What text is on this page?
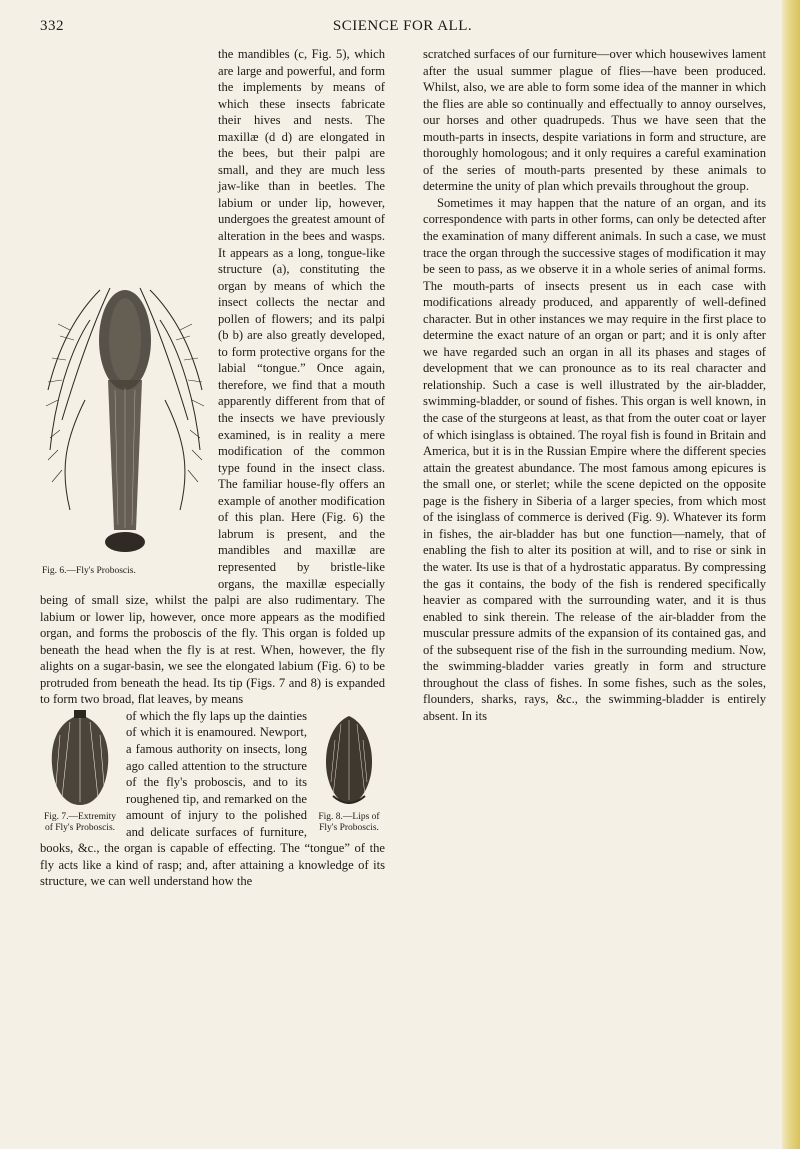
332	SCIENCE FOR ALL.
Fig. 6.—Fly's Proboscis.

the mandibles (c, Fig. 5), which are large and powerful, and form the implements by means of which these insects fabricate their hives and nests. The maxillæ (d d) are elongated in the bees, but their palpi are small, and they are much less jaw-like than in beetles. The labium or under lip, however, undergoes the greatest amount of alteration in the bees and wasps. It appears as a long, tongue-like structure (a), constituting the organ by means of which the insect collects the nectar and pollen of flowers; and its palpi (b b) are also greatly developed, to form protective organs for the labial “tongue.” Once again, therefore, we find that a mouth apparently different from that of the insects we have previously examined, is in reality a mere modification of the common type found in the insect class. The familiar house-fly offers an example of another modification of this plan. Here (Fig. 6) the labrum is present, and the mandibles and maxillæ are represented by bristle-like organs, the maxillæ especially being of small size, whilst the palpi are also rudimentary. The labium or lower lip, however, once more appears as the modified organ, and forms the proboscis of the fly. This organ is folded up beneath the head when the fly is at rest. When, however, the fly alights on a sugar-basin, we see the elongated labium (Fig. 6) to be protruded from beneath the head. Its tip (Figs. 7 and 8) is expanded to form two broad, flat leaves, by means

Fig. 7.—Extremity of Fly's Proboscis.
Fig. 8.—Lips of Fly's Proboscis.

of which the fly laps up the dainties of which it is enamoured. Newport, a famous authority on insects, long ago called attention to the structure of the fly's proboscis, and to its roughened tip, and remarked on the amount of injury to the polished and delicate surfaces of furniture, books, &c., the organ is capable of effecting. The “tongue” of the fly acts like a kind of rasp; and, after attaining a knowledge of its structure, we can well understand how the

scratched surfaces of our furniture—over which housewives lament after the usual summer plague of flies—have been produced. Whilst, also, we are able to form some idea of the manner in which the flies are able so continually and effectually to annoy ourselves, our horses and other quadrupeds. Thus we have seen that the mouth-parts in insects, despite variations in form and structure, are thoroughly homologous; and it only requires a careful examination of the series of mouth-parts presented by these animals to determine the unity of plan which prevails throughout the group.

Sometimes it may happen that the nature of an organ, and its correspondence with parts in other forms, can only be detected after the examination of many different animals. In such a case, we must trace the organ through the successive stages of modification it may be seen to pass, as we observe it in a whole series of animal forms. The mouth-parts of insects present us in each case with modifications already produced, and apparently of well-defined character. But in other instances we may require in the first place to determine the exact nature of an organ or part; and it is only after we have regarded such an organ in all its phases and stages of development that we can pronounce as to its real character and relationship. Such a case is well illustrated by the air-bladder, swimming-bladder, or sound of fishes. This organ is well known, in the case of the sturgeons at least, as that from the outer coat or layer of which isinglass is obtained. The royal fish is found in Britain and America, but it is in the Russian Empire where the different species attain the greatest abundance. The most famous among epicures is the small one, or sterlet; while the scene depicted on the opposite page is the fishery in Siberia of a larger species, from which most of the isinglass of commerce is derived (Fig. 9). Whatever its form in fishes, the air-bladder has but one function—namely, that of enabling the fish to alter its position at will, and to rise or sink in the water. Its use is that of a hydrostatic apparatus. By compressing the gas it contains, the body of the fish is rendered specifically heavier as compared with the surrounding water, and it is thus enabled to sink therein. The release of the air-bladder from the muscular pressure admits of the expansion of its contained gas, and of the subsequent rise of the fish in the surrounding medium. Now, the swimming-bladder varies greatly in form and structure throughout the class of fishes. In some fishes, such as the soles, flounders, sharks, rays, &c., the swimming-bladder is entirely absent. In its
